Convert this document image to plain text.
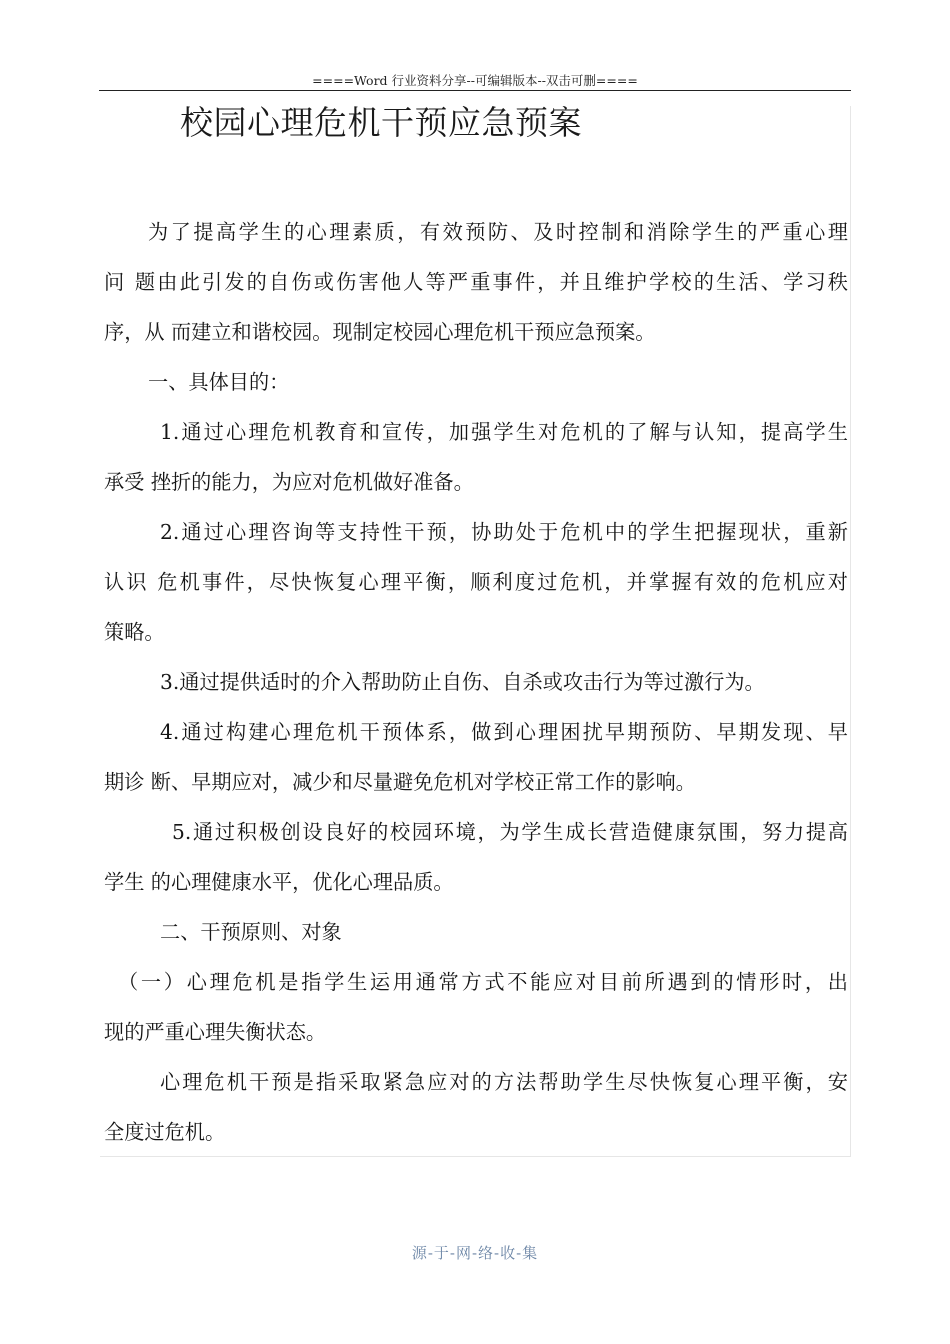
====Word 行业资料分享--可编辑版本--双击可删====
校园心理危机干预应急预案
为了提高学生的心理素质，有效预防、及时控制和消除学生的严重心理
问 题由此引发的自伤或伤害他人等严重事件，并且维护学校的生活、学习秩
序，从 而建立和谐校园。现制定校园心理危机干预应急预案。
一、具体目的：
1.通过心理危机教育和宣传，加强学生对危机的了解与认知，提高学生
承受 挫折的能力，为应对危机做好准备。
2.通过心理咨询等支持性干预，协助处于危机中的学生把握现状，重新
认识 危机事件，尽快恢复心理平衡，顺利度过危机，并掌握有效的危机应对
策略。
3.通过提供适时的介入帮助防止自伤、自杀或攻击行为等过激行为。
4.通过构建心理危机干预体系，做到心理困扰早期预防、早期发现、早
期诊 断、早期应对，减少和尽量避免危机对学校正常工作的影响。
5.通过积极创设良好的校园环境，为学生成长营造健康氛围，努力提高
学生 的心理健康水平，优化心理品质。
二、干预原则、对象
（一）心理危机是指学生运用通常方式不能应对目前所遇到的情形时，出
现的严重心理失衡状态。
心理危机干预是指采取紧急应对的方法帮助学生尽快恢复心理平衡，安
全度过危机。
源-于-网-络-收-集
